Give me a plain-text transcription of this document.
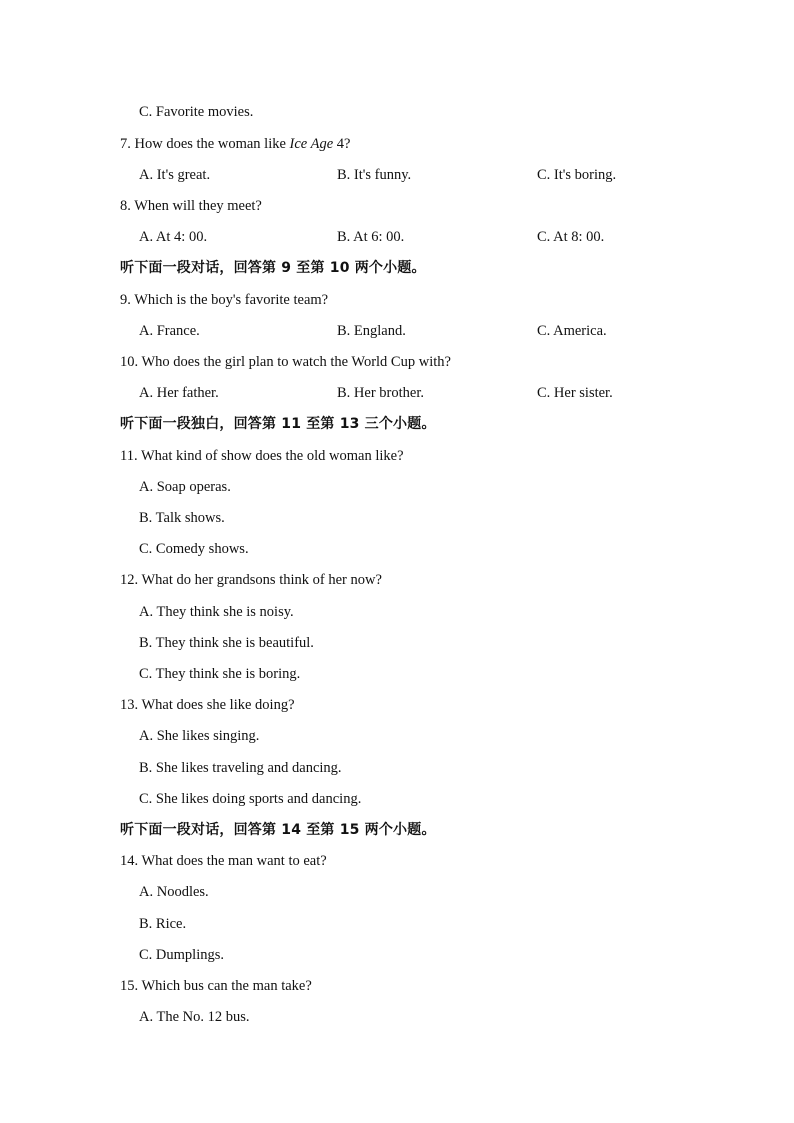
C. Favorite movies.
7. How does the woman like Ice Age 4?
A. It's great.	B. It's funny.	C. It's boring.
8. When will they meet?
A. At 4: 00.	B. At 6: 00.	C. At 8: 00.
听下面一段对话，回答第 9 至第 10 两个小题。
9. Which is the boy's favorite team?
A. France.	B. England.	C. America.
10. Who does the girl plan to watch the World Cup with?
A. Her father.	B. Her brother.	C. Her sister.
听下面一段独白，回答第 11 至第 13 三个小题。
11. What kind of show does the old woman like?
A. Soap operas.
B. Talk shows.
C. Comedy shows.
12. What do her grandsons think of her now?
A. They think she is noisy.
B. They think she is beautiful.
C. They think she is boring.
13. What does she like doing?
A. She likes singing.
B. She likes traveling and dancing.
C. She likes doing sports and dancing.
听下面一段对话，回答第 14 至第 15 两个小题。
14. What does the man want to eat?
A. Noodles.
B. Rice.
C. Dumplings.
15. Which bus can the man take?
A. The No. 12 bus.
